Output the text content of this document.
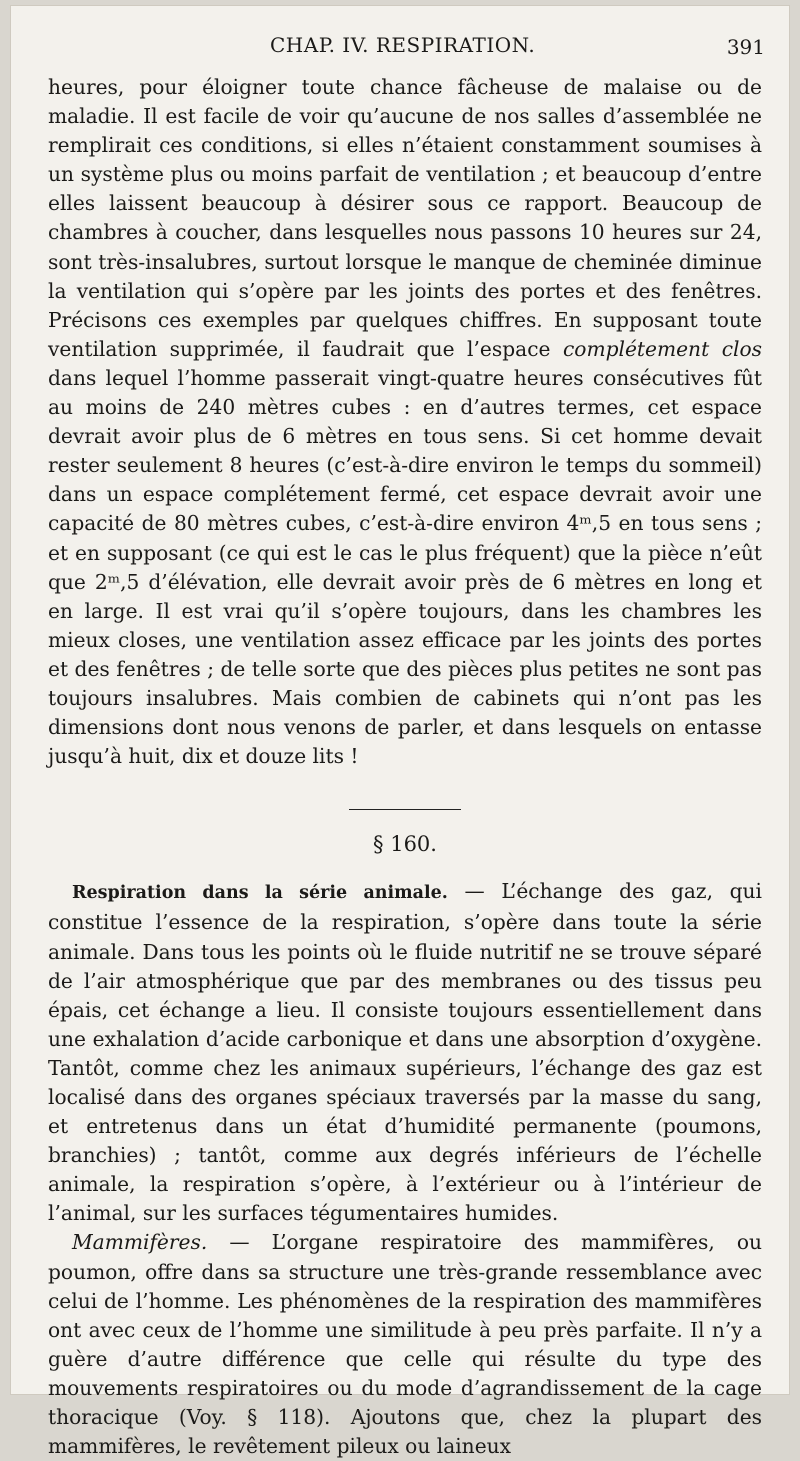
CHAP. IV. RESPIRATION.	391

heures, pour éloigner toute chance fâcheuse de malaise ou de maladie. Il est facile de voir qu’aucune de nos salles d’assemblée ne remplirait ces conditions, si elles n’étaient constamment soumises à un système plus ou moins parfait de ventilation ; et beaucoup d’entre elles laissent beaucoup à désirer sous ce rapport. Beaucoup de chambres à coucher, dans lesquelles nous passons 10 heures sur 24, sont très-insalubres, surtout lorsque le manque de cheminée diminue la ventilation qui s’opère par les joints des portes et des fenêtres. Précisons ces exemples par quelques chiffres. En supposant toute ventilation supprimée, il faudrait que l’espace complétement clos dans lequel l’homme passerait vingt-quatre heures consécutives fût au moins de 240 mètres cubes : en d’autres termes, cet espace devrait avoir plus de 6 mètres en tous sens. Si cet homme devait rester seulement 8 heures (c’est-à-dire environ le temps du sommeil) dans un espace complétement fermé, cet espace devrait avoir une capacité de 80 mètres cubes, c’est-à-dire environ 4ᵐ,5 en tous sens ; et en supposant (ce qui est le cas le plus fréquent) que la pièce n’eût que 2ᵐ,5 d’élévation, elle devrait avoir près de 6 mètres en long et en large. Il est vrai qu’il s’opère toujours, dans les chambres les mieux closes, une ventilation assez efficace par les joints des portes et des fenêtres ; de telle sorte que des pièces plus petites ne sont pas toujours insalubres. Mais combien de cabinets qui n’ont pas les dimensions dont nous venons de parler, et dans lesquels on entasse jusqu’à huit, dix et douze lits !

§ 160.

Respiration dans la série animale. — L’échange des gaz, qui constitue l’essence de la respiration, s’opère dans toute la série animale. Dans tous les points où le fluide nutritif ne se trouve séparé de l’air atmosphérique que par des membranes ou des tissus peu épais, cet échange a lieu. Il consiste toujours essentiellement dans une exhalation d’acide carbonique et dans une absorption d’oxygène. Tantôt, comme chez les animaux supérieurs, l’échange des gaz est localisé dans des organes spéciaux traversés par la masse du sang, et entretenus dans un état d’humidité permanente (poumons, branchies) ; tantôt, comme aux degrés inférieurs de l’échelle animale, la respiration s’opère, à l’extérieur ou à l’intérieur de l’animal, sur les surfaces tégumentaires humides.

Mammifères. — L’organe respiratoire des mammifères, ou poumon, offre dans sa structure une très-grande ressemblance avec celui de l’homme. Les phénomènes de la respiration des mammifères ont avec ceux de l’homme une similitude à peu près parfaite. Il n’y a guère d’autre différence que celle qui résulte du type des mouvements respiratoires ou du mode d’agrandissement de la cage thoracique (Voy. § 118). Ajoutons que, chez la plupart des mammifères, le revêtement pileux ou laineux
